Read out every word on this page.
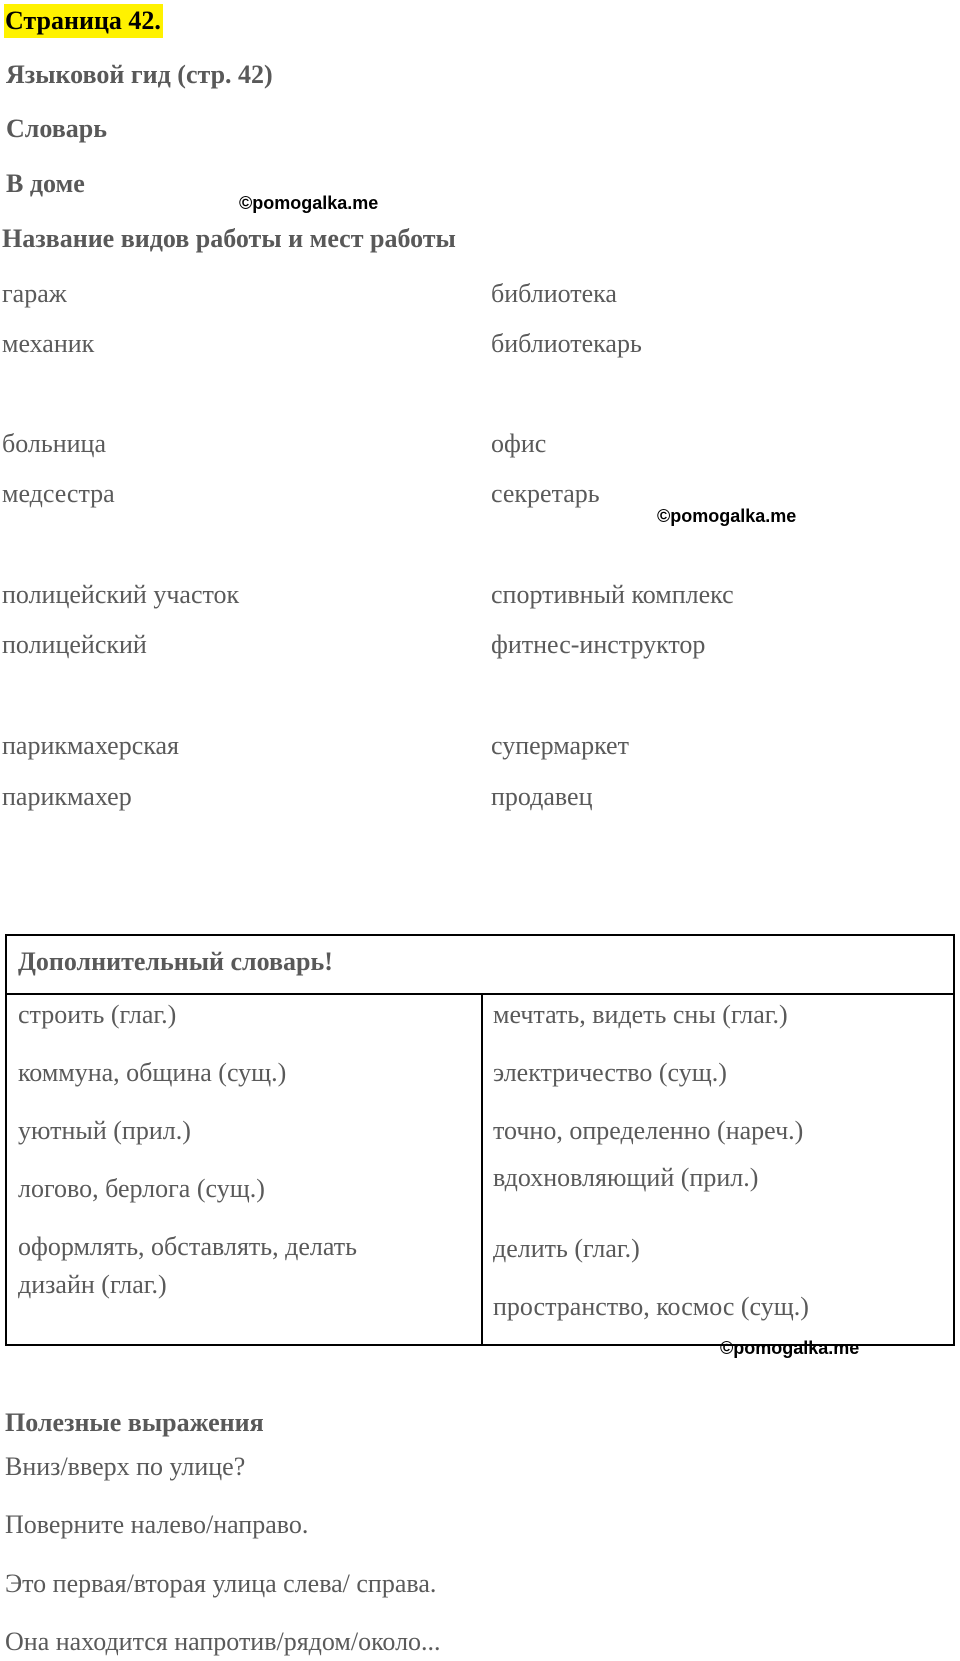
Страница 42.
Языковой гид (стр. 42)
Словарь
В доме
©pomogalka.me
Название видов работы и мест работы
гараж
механик
больница
медсестра
полицейский участок
полицейский
парикмахерская
парикмахер
библиотека
библиотекарь
офис
секретарь
спортивный комплекс
фитнес-инструктор
супермаркет
продавец
©pomogalka.me
Дополнительный словарь!
строить (глаг.)
коммуна, община (сущ.)
уютный (прил.)
логово, берлога (сущ.)
оформлять, обставлять, делать
дизайн (глаг.)
мечтать, видеть сны (глаг.)
электричество (сущ.)
точно, определенно (нареч.)
вдохновляющий (прил.)
делить (глаг.)
пространство, космос (сущ.)
©pomogalka.me
Полезные выражения
Вниз/вверх по улице?
Поверните налево/направо.
Это первая/вторая улица слева/ справа.
Она находится напротив/рядом/около...
